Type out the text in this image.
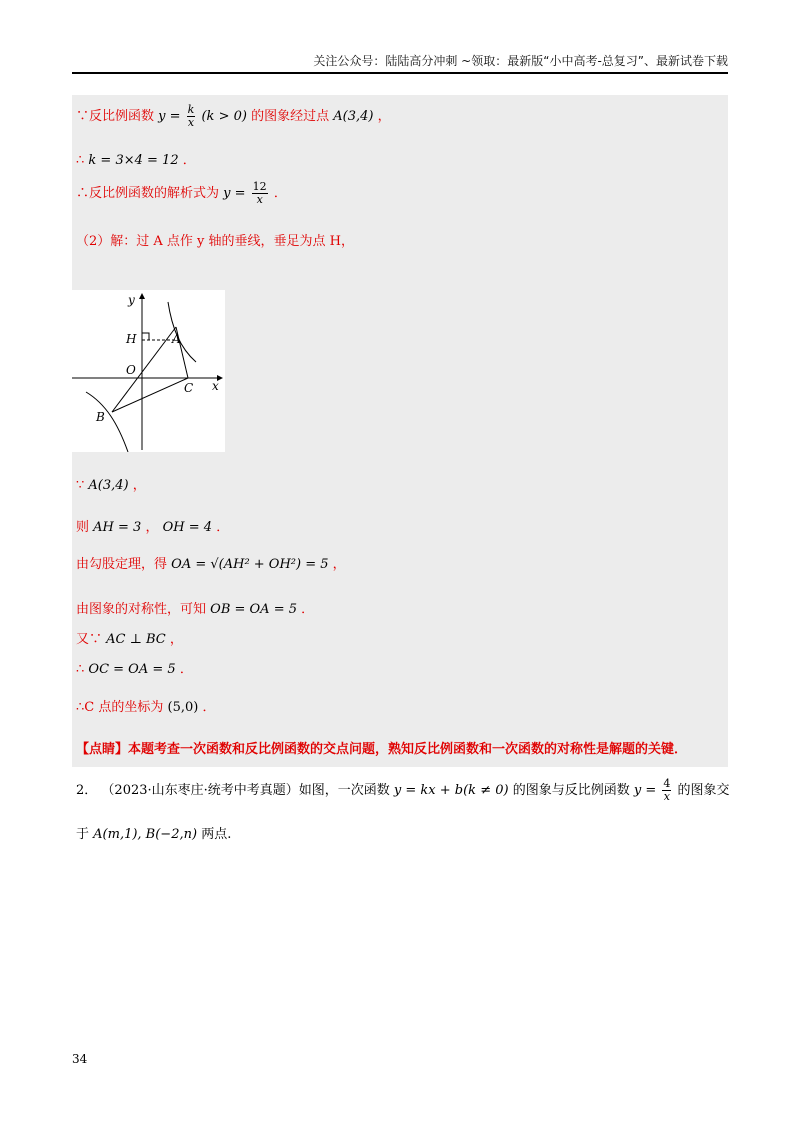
关注公众号：陆陆高分冲刺 ~领取：最新版“小中高考-总复习”、最新试卷下载
∵反比例函数 $y = \frac{k}{x} (k > 0)$ 的图象经过点 A(3,4) ，
∴ k = 3×4 = 12 ．
∴反比例函数的解析式为 $y = \frac{12}{x}$ ．
（2）解：过 A 点作 y 轴的垂线，垂足为点 H，
y
x
H	A
O
C
B
∵ A(3,4) ，
则 AH = 3 ， OH = 4 ．
由勾股定理，得 OA = √(AH² + OH²) = 5 ，
由图象的对称性，可知 OB = OA = 5 ．
又∵ AC ⊥ BC ，
∴ OC = OA = 5 ．
∴C 点的坐标为 (5,0) ．
【点睛】本题考查一次函数和反比例函数的交点问题，熟知反比例函数和一次函数的对称性是解题的关键．
2． （2023·山东枣庄·统考中考真题）如图，一次函数 y = kx + b(k ≠ 0) 的图象与反比例函数 $y = \frac{4}{x}$ 的图象交
于 A(m,1), B(−2,n) 两点.
34
